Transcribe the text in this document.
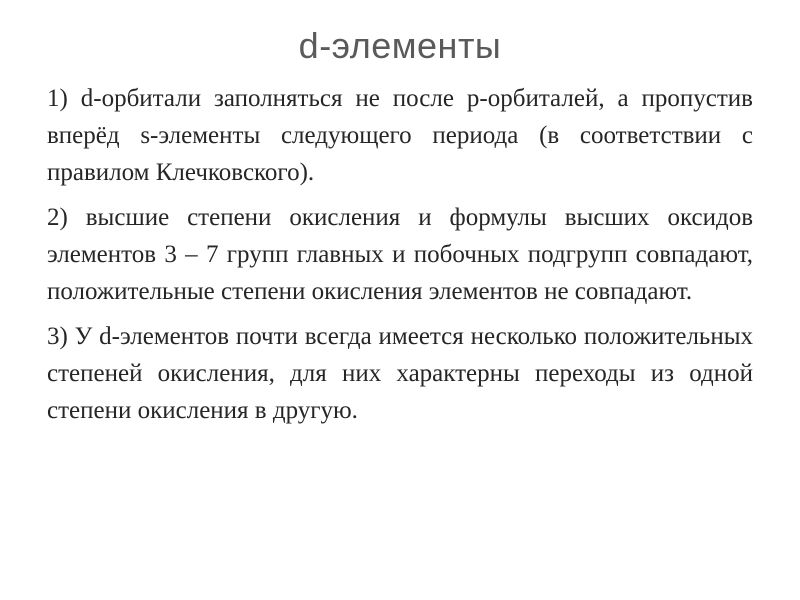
d-элементы

1) d-орбитали заполняться не после р-орбиталей, а пропустив вперёд s-элементы следующего периода (в соответствии с правилом Клечковского).

2) высшие степени окисления и формулы высших оксидов элементов 3 – 7 групп главных и побочных подгрупп совпадают, положительные степени окисления элементов не совпадают.

3) У d-элементов почти всегда имеется несколько положительных степеней окисления, для них характерны переходы из одной степени окисления в другую.
